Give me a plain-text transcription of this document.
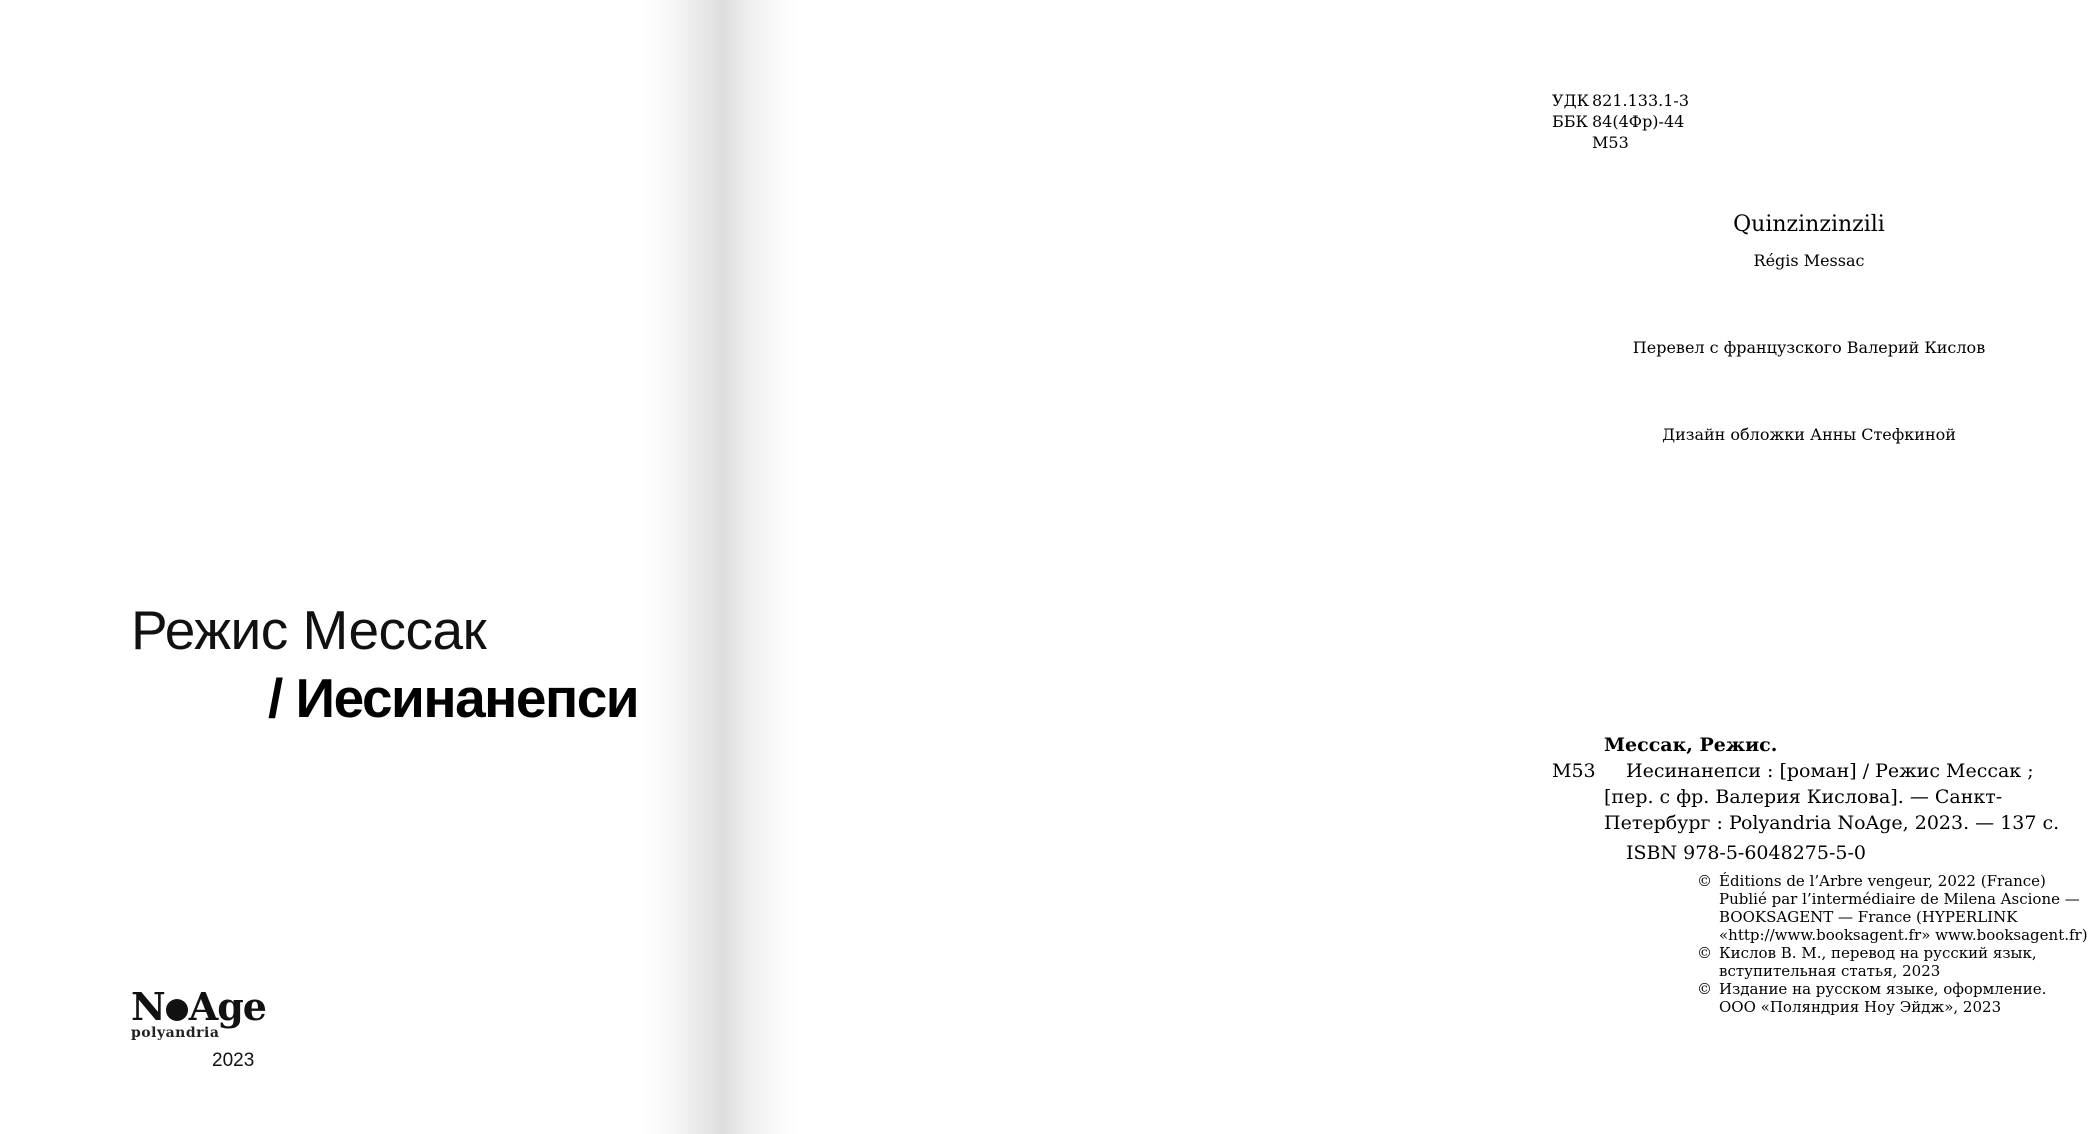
Режис Мессак
/ Иесинанепси
N Age
polyandria
2023
УДК 821.133.1-3
ББК 84(4Фр)-44
М53
Quinzinzinzili
Régis Messac
Перевел с французского Валерий Кислов
Дизайн обложки Анны Стефкиной
Мессак, Режис.
М53	Иесинанепси : [роман] / Режис Мессак ; [пер. с фр. Валерия Кислова]. — Санкт-Петербург : Polyandria NoAge, 2023. — 137 с.
ISBN 978-5-6048275-5-0
© Éditions de l’Arbre vengeur, 2022 (France)
Publié par l’intermédiaire de Milena Ascione —
BOOKSAGENT — France (HYPERLINK
«http://www.booksagent.fr» www.booksagent.fr)
© Кислов В. М., перевод на русский язык,
вступительная статья, 2023
© Издание на русском языке, оформление.
ООО «Поляндрия Ноу Эйдж», 2023
